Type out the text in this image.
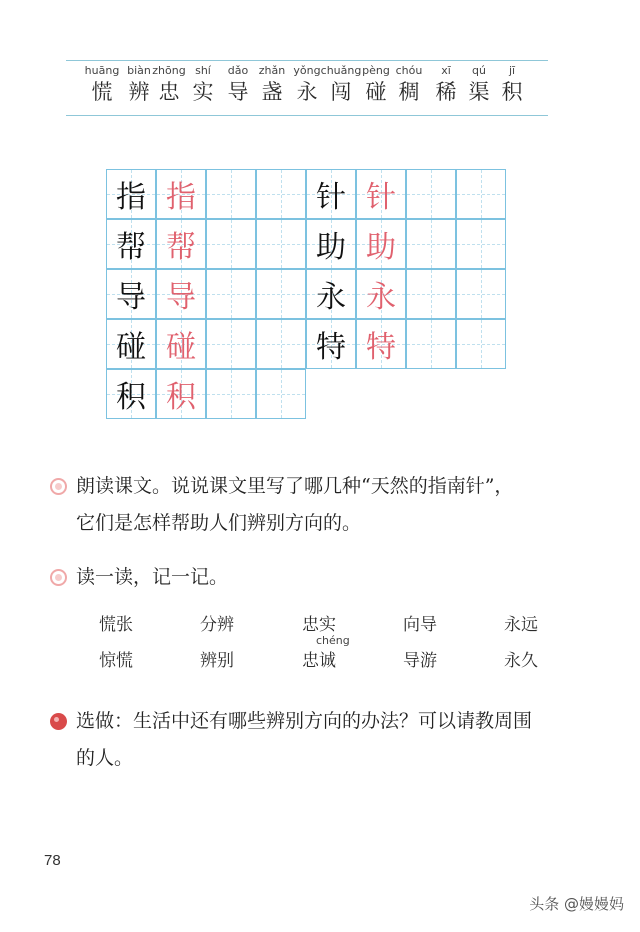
huāng
慌
biàn
辨
zhōng
忠
shí
实
dǎo
导
zhǎn
盏
yǒng
永
chuǎng
闯
pèng
碰
chóu
稠
xī
稀
qú
渠
jī
积
指 指
帮 帮
导 导
碰 碰
积 积
针 针
助 助
永 永
特 特
朗读课文。说说课文里写了哪几种“天然的指南针”，
它们是怎样帮助人们辨别方向的。
读一读，记一记。
慌张
惊慌
分辨
辨别
忠实
chéng
忠诚
向导
导游
永远
永久
选做：生活中还有哪些辨别方向的办法？可以请教周围
的人。
78
头条 @嫚嫚妈
